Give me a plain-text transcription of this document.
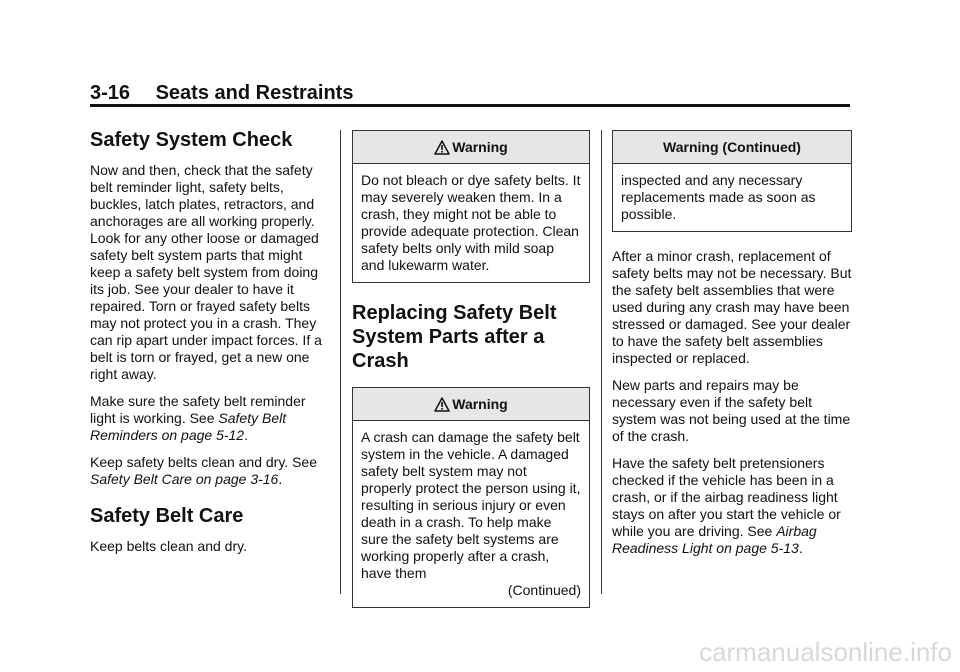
3-16 Seats and Restraints
Safety System Check

Now and then, check that the safety belt reminder light, safety belts, buckles, latch plates, retractors, and anchorages are all working properly. Look for any other loose or damaged safety belt system parts that might keep a safety belt system from doing its job. See your dealer to have it repaired. Torn or frayed safety belts may not protect you in a crash. They can rip apart under impact forces. If a belt is torn or frayed, get a new one right away.

Make sure the safety belt reminder light is working. See Safety Belt Reminders on page 5-12.

Keep safety belts clean and dry. See Safety Belt Care on page 3-16.

Safety Belt Care

Keep belts clean and dry.

Warning
Do not bleach or dye safety belts. It may severely weaken them. In a crash, they might not be able to provide adequate protection. Clean safety belts only with mild soap and lukewarm water.
Replacing Safety Belt System Parts after a Crash
Warning
A crash can damage the safety belt system in the vehicle. A damaged safety belt system may not properly protect the person using it, resulting in serious injury or even death in a crash. To help make sure the safety belt systems are working properly after a crash, have them
(Continued)
Warning (Continued)
inspected and any necessary replacements made as soon as possible.

After a minor crash, replacement of safety belts may not be necessary. But the safety belt assemblies that were used during any crash may have been stressed or damaged. See your dealer to have the safety belt assemblies inspected or replaced.

New parts and repairs may be necessary even if the safety belt system was not being used at the time of the crash.

Have the safety belt pretensioners checked if the vehicle has been in a crash, or if the airbag readiness light stays on after you start the vehicle or while you are driving. See Airbag Readiness Light on page 5-13.

carmanualsonline.info
